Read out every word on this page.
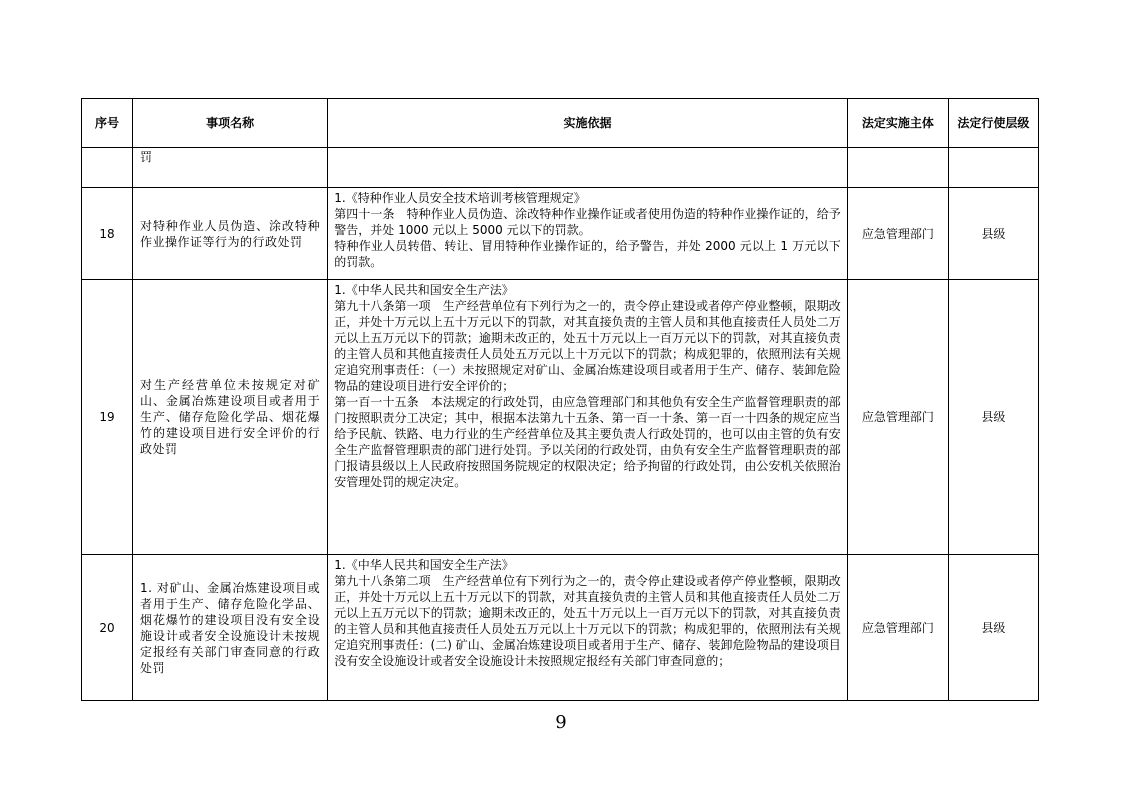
序号	事项名称	实施依据	法定实施主体	法定行使层级
	罚			
18	对特种作业人员伪造、涂改特种作业操作证等行为的行政处罚	1.《特种作业人员安全技术培训考核管理规定》
第四十一条　特种作业人员伪造、涂改特种作业操作证或者使用伪造的特种作业操作证的，给予警告，并处 1000 元以上 5000 元以下的罚款。
特种作业人员转借、转让、冒用特种作业操作证的，给予警告，并处 2000 元以上 1 万元以下的罚款。	应急管理部门	县级
19	对生产经营单位未按规定对矿山、金属冶炼建设项目或者用于生产、储存危险化学品、烟花爆竹的建设项目进行安全评价的行政处罚	1.《中华人民共和国安全生产法》
第九十八条第一项　生产经营单位有下列行为之一的，责令停止建设或者停产停业整顿，限期改正，并处十万元以上五十万元以下的罚款，对其直接负责的主管人员和其他直接责任人员处二万元以上五万元以下的罚款；逾期未改正的，处五十万元以上一百万元以下的罚款，对其直接负责的主管人员和其他直接责任人员处五万元以上十万元以下的罚款；构成犯罪的，依照刑法有关规定追究刑事责任：（一）未按照规定对矿山、金属冶炼建设项目或者用于生产、储存、装卸危险物品的建设项目进行安全评价的；
第一百一十五条　本法规定的行政处罚，由应急管理部门和其他负有安全生产监督管理职责的部门按照职责分工决定；其中，根据本法第九十五条、第一百一十条、第一百一十四条的规定应当给予民航、铁路、电力行业的生产经营单位及其主要负责人行政处罚的，也可以由主管的负有安全生产监督管理职责的部门进行处罚。予以关闭的行政处罚，由负有安全生产监督管理职责的部门报请县级以上人民政府按照国务院规定的权限决定；给予拘留的行政处罚，由公安机关依照治安管理处罚的规定决定。	应急管理部门	县级
20	1. 对矿山、金属冶炼建设项目或者用于生产、储存危险化学品、烟花爆竹的建设项目没有安全设施设计或者安全设施设计未按规定报经有关部门审查同意的行政处罚	1.《中华人民共和国安全生产法》
第九十八条第二项　生产经营单位有下列行为之一的，责令停止建设或者停产停业整顿，限期改正，并处十万元以上五十万元以下的罚款，对其直接负责的主管人员和其他直接责任人员处二万元以上五万元以下的罚款；逾期未改正的，处五十万元以上一百万元以下的罚款，对其直接负责的主管人员和其他直接责任人员处五万元以上十万元以下的罚款；构成犯罪的，依照刑法有关规定追究刑事责任：(二) 矿山、金属冶炼建设项目或者用于生产、储存、装卸危险物品的建设项目没有安全设施设计或者安全设施设计未按照规定报经有关部门审查同意的；	应急管理部门	县级
9
